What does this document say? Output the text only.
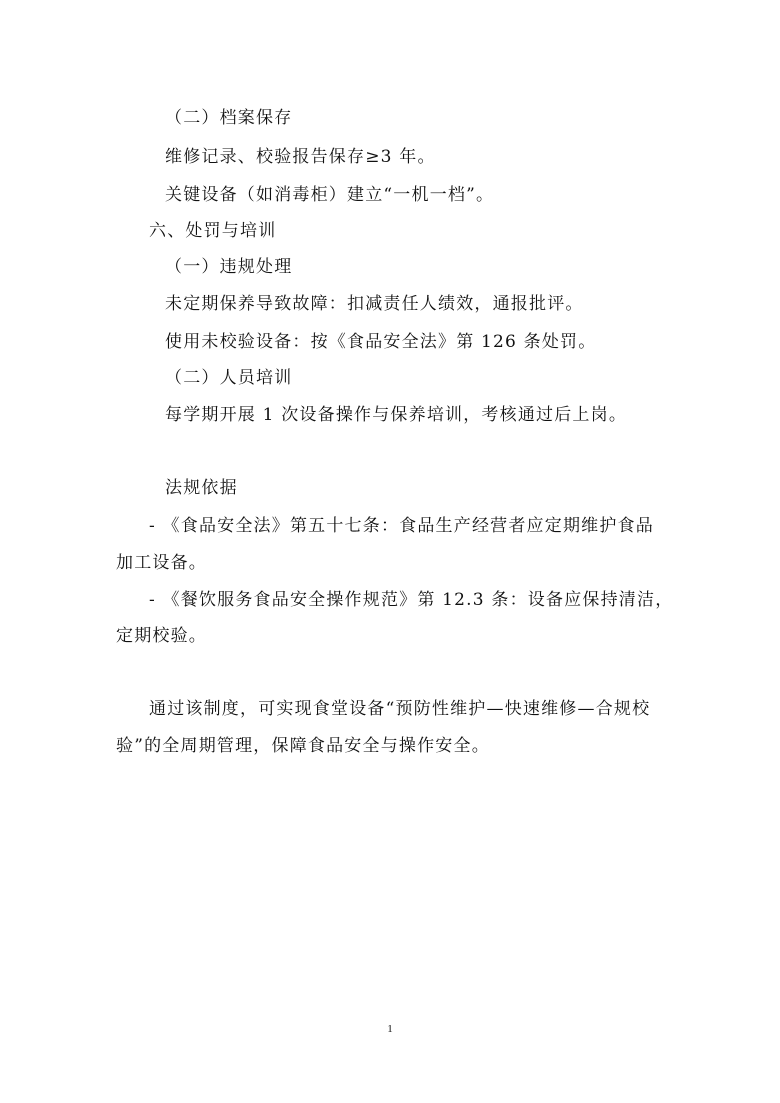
（二）档案保存
维修记录、校验报告保存≥3 年。
关键设备（如消毒柜）建立“一机一档”。
六、处罚与培训
（一）违规处理
未定期保养导致故障：扣减责任人绩效，通报批评。
使用未校验设备：按《食品安全法》第 126 条处罚。
（二）人员培训
每学期开展 1 次设备操作与保养培训，考核通过后上岗。
法规依据
- 《食品安全法》第五十七条：食品生产经营者应定期维护食品
加工设备。
- 《餐饮服务食品安全操作规范》第 12.3 条：设备应保持清洁，
定期校验。
通过该制度，可实现食堂设备“预防性维护—快速维修—合规校
验”的全周期管理，保障食品安全与操作安全。
1
